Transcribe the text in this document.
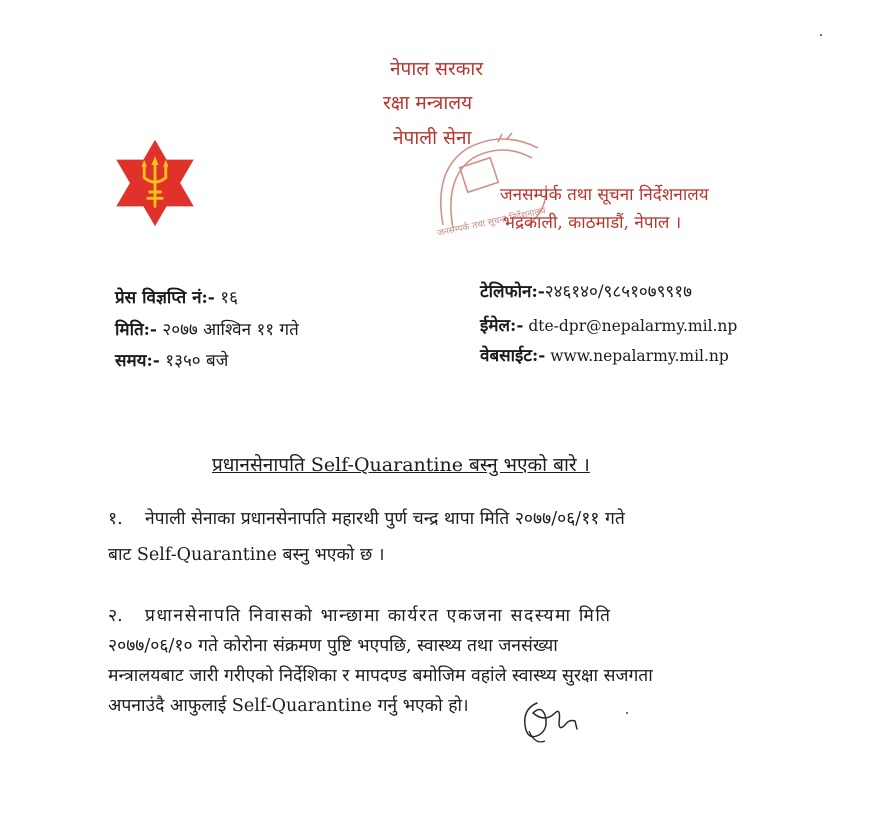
नेपाल सरकार
रक्षा मन्त्रालय
नेपाली सेना
जनसम्पर्क तथा सूचना निर्देशनालय
जनसम्पर्क तथा सूचना निर्देशनालय
भद्रकाली, काठमाडौं, नेपाल ।
प्रेस विज्ञप्ति नं:- १६
मिति:- २०७७ आश्विन ११ गते
समय:- १३५० बजे
टेलिफोन:-२४६१४०/९८५१०७९९१७
ईमेल:- dte-dpr@nepalarmy.mil.np
वेबसाईट:- www.nepalarmy.mil.np
प्रधानसेनापति Self-Quarantine बस्नु भएको बारे ।
१. नेपाली सेनाका प्रधानसेनापति महारथी पुर्ण चन्द्र थापा मिति २०७७/०६/११ गते
बाट Self-Quarantine बस्नु भएको छ ।
२. प्रधानसेनापति निवासको भान्छामा कार्यरत एकजना सदस्यमा मिति
२०७७/०६/१० गते कोरोना संक्रमण पुष्टि भएपछि, स्वास्थ्य तथा जनसंख्या
मन्त्रालयबाट जारी गरीएको निर्देशिका र मापदण्ड बमोजिम वहांले स्वास्थ्य सुरक्षा सजगता
अपनाउंदै आफुलाई Self-Quarantine गर्नु भएको हो।
